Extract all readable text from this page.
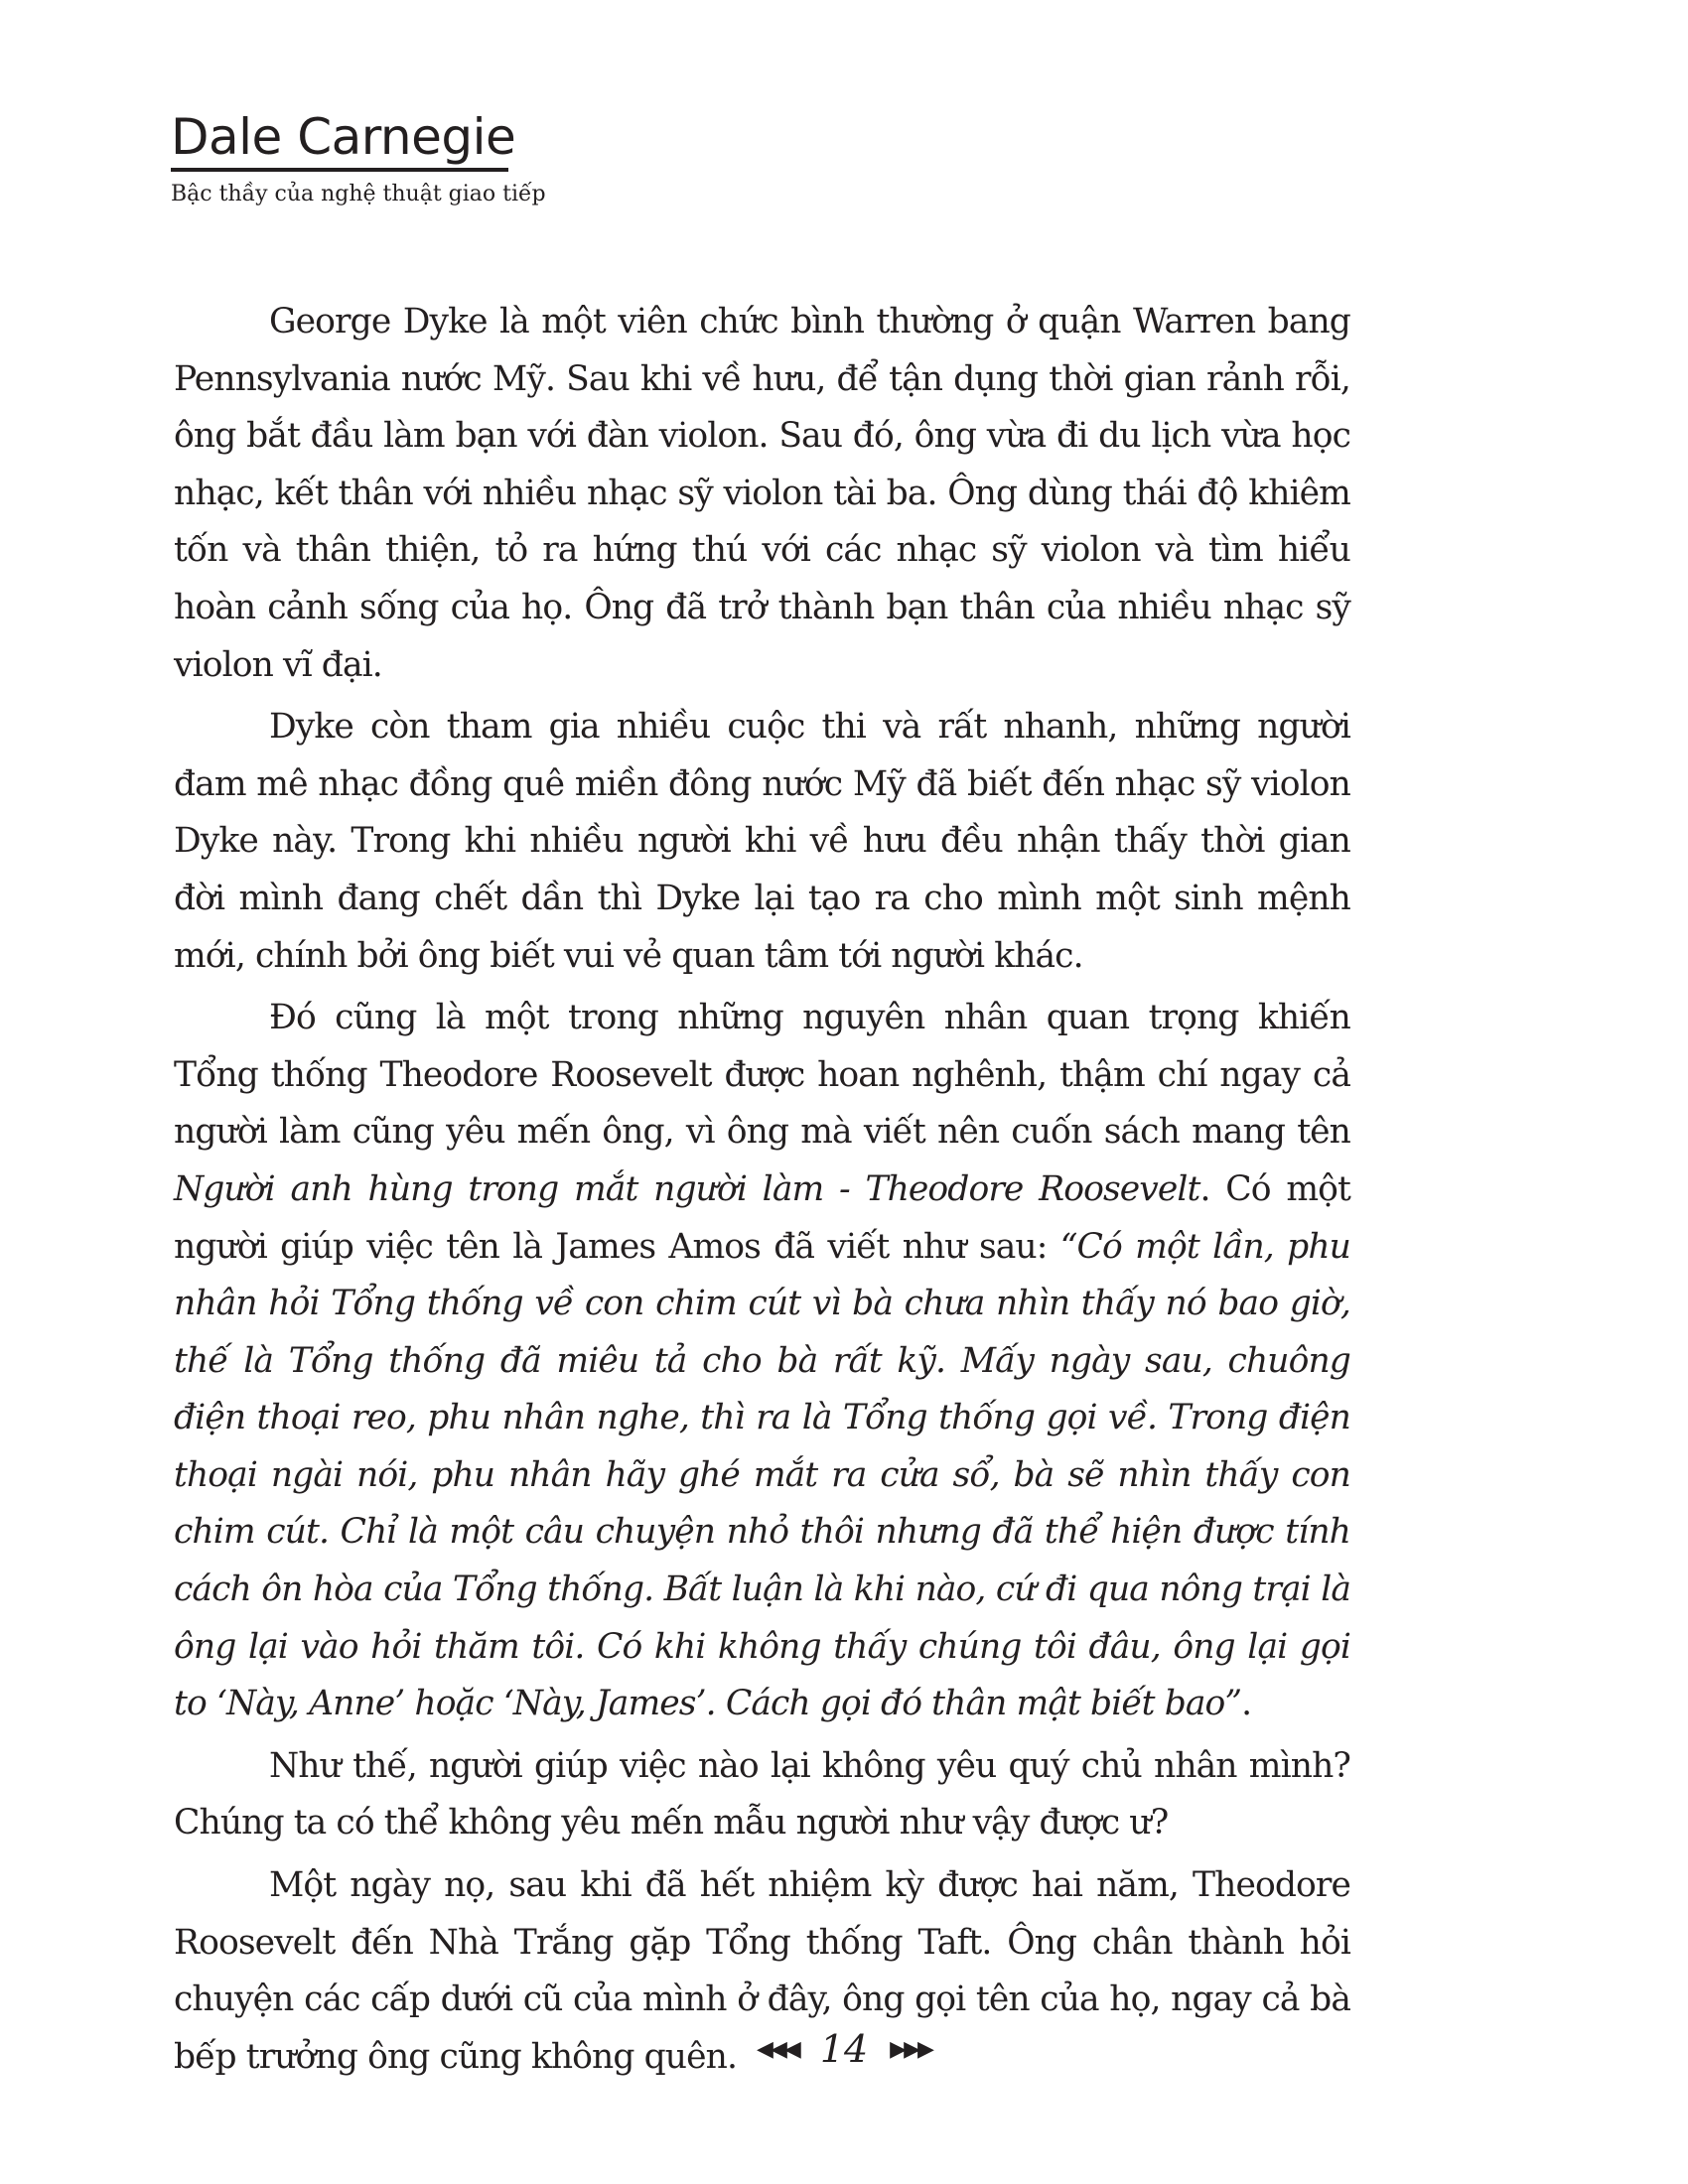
Dale Carnegie
Bậc thầy của nghệ thuật giao tiếp

George Dyke là một viên chức bình thường ở quận Warren bang Pennsylvania nước Mỹ. Sau khi về hưu, để tận dụng thời gian rảnh rỗi, ông bắt đầu làm bạn với đàn violon. Sau đó, ông vừa đi du lịch vừa học nhạc, kết thân với nhiều nhạc sỹ violon tài ba. Ông dùng thái độ khiêm tốn và thân thiện, tỏ ra hứng thú với các nhạc sỹ violon và tìm hiểu hoàn cảnh sống của họ. Ông đã trở thành bạn thân của nhiều nhạc sỹ violon vĩ đại.

Dyke còn tham gia nhiều cuộc thi và rất nhanh, những người đam mê nhạc đồng quê miền đông nước Mỹ đã biết đến nhạc sỹ violon Dyke này. Trong khi nhiều người khi về hưu đều nhận thấy thời gian đời mình đang chết dần thì Dyke lại tạo ra cho mình một sinh mệnh mới, chính bởi ông biết vui vẻ quan tâm tới người khác.

Đó cũng là một trong những nguyên nhân quan trọng khiến Tổng thống Theodore Roosevelt được hoan nghênh, thậm chí ngay cả người làm cũng yêu mến ông, vì ông mà viết nên cuốn sách mang tên Người anh hùng trong mắt người làm - Theodore Roosevelt. Có một người giúp việc tên là James Amos đã viết như sau: “Có một lần, phu nhân hỏi Tổng thống về con chim cút vì bà chưa nhìn thấy nó bao giờ, thế là Tổng thống đã miêu tả cho bà rất kỹ. Mấy ngày sau, chuông điện thoại reo, phu nhân nghe, thì ra là Tổng thống gọi về. Trong điện thoại ngài nói, phu nhân hãy ghé mắt ra cửa sổ, bà sẽ nhìn thấy con chim cút. Chỉ là một câu chuyện nhỏ thôi nhưng đã thể hiện được tính cách ôn hòa của Tổng thống. Bất luận là khi nào, cứ đi qua nông trại là ông lại vào hỏi thăm tôi. Có khi không thấy chúng tôi đâu, ông lại gọi to ‘Này, Anne’ hoặc ‘Này, James’. Cách gọi đó thân mật biết bao”.

Như thế, người giúp việc nào lại không yêu quý chủ nhân mình? Chúng ta có thể không yêu mến mẫu người như vậy được ư?

Một ngày nọ, sau khi đã hết nhiệm kỳ được hai năm, Theodore Roosevelt đến Nhà Trắng gặp Tổng thống Taft. Ông chân thành hỏi chuyện các cấp dưới cũ của mình ở đây, ông gọi tên của họ, ngay cả bà bếp trưởng ông cũng không quên. ◀◀◀ 14 ▶▶▶
